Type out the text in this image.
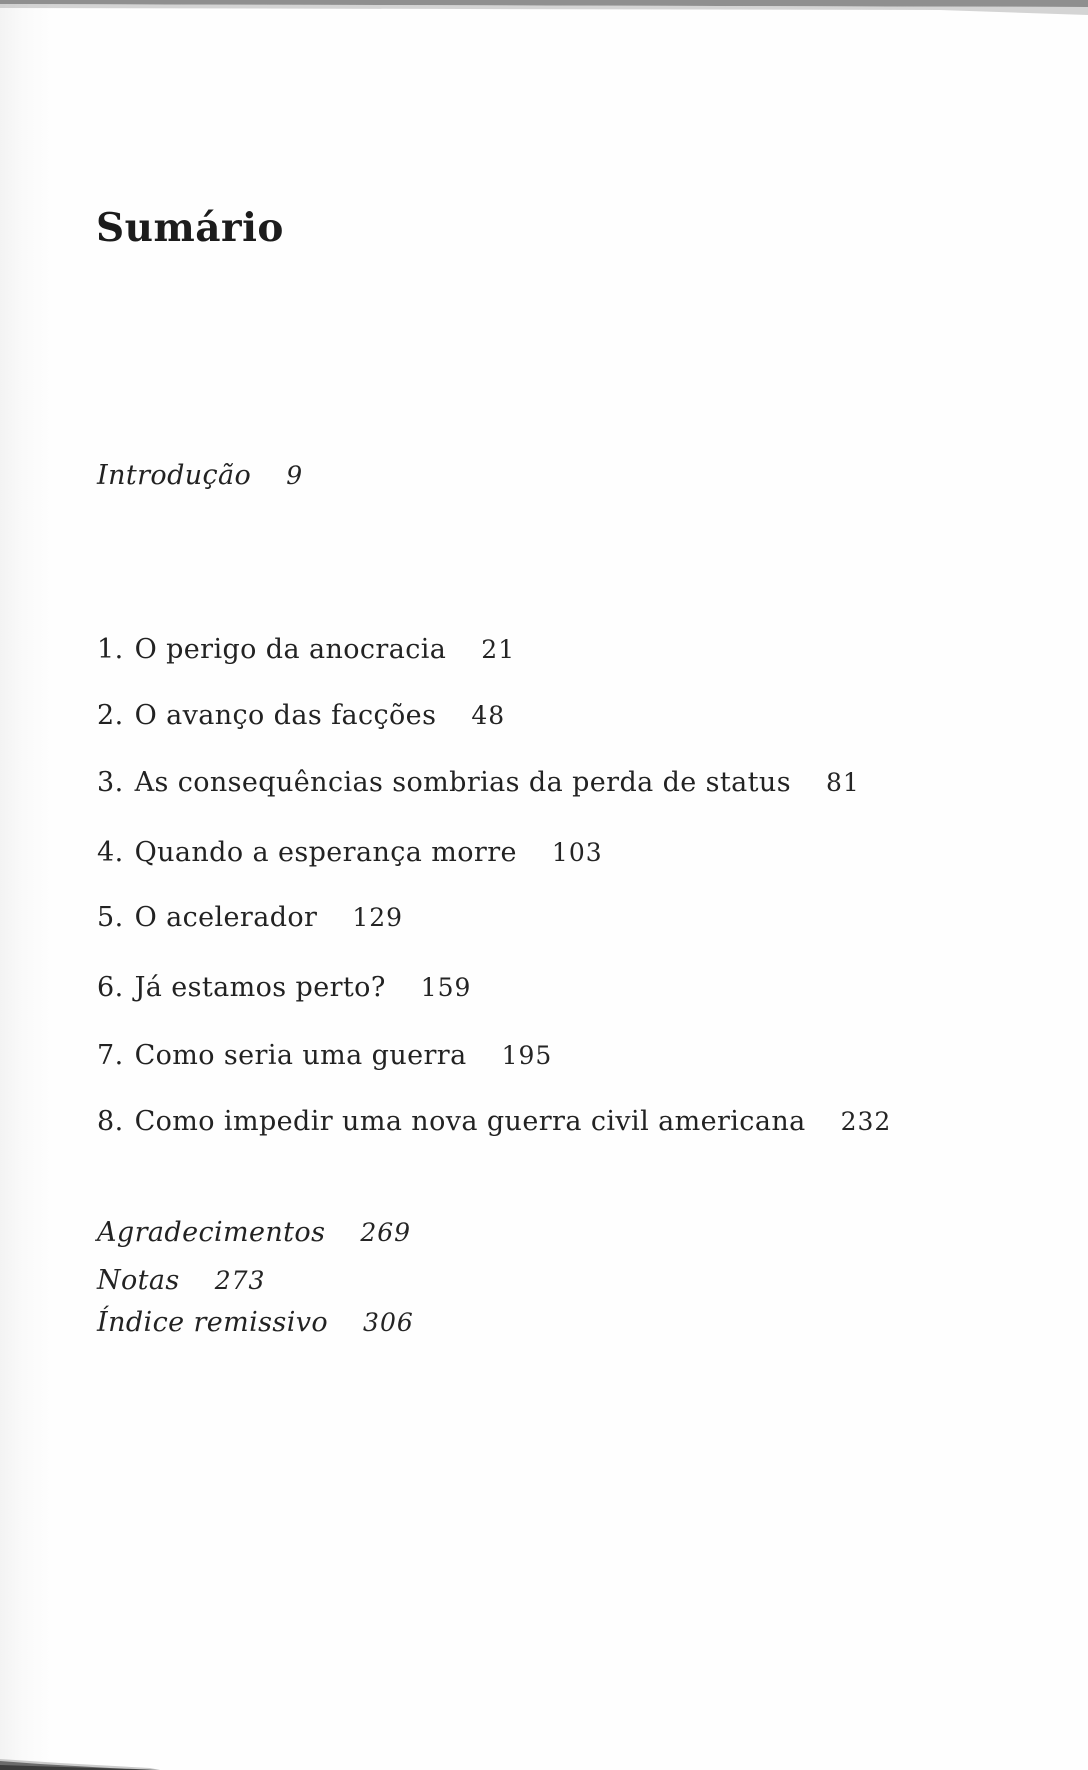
Sumário
Introdução 9
1. O perigo da anocracia 21
2. O avanço das facções 48
3. As consequências sombrias da perda de status 81
4. Quando a esperança morre 103
5. O acelerador 129
6. Já estamos perto? 159
7. Como seria uma guerra 195
8. Como impedir uma nova guerra civil americana 232
Agradecimentos 269
Notas 273
Índice remissivo 306
